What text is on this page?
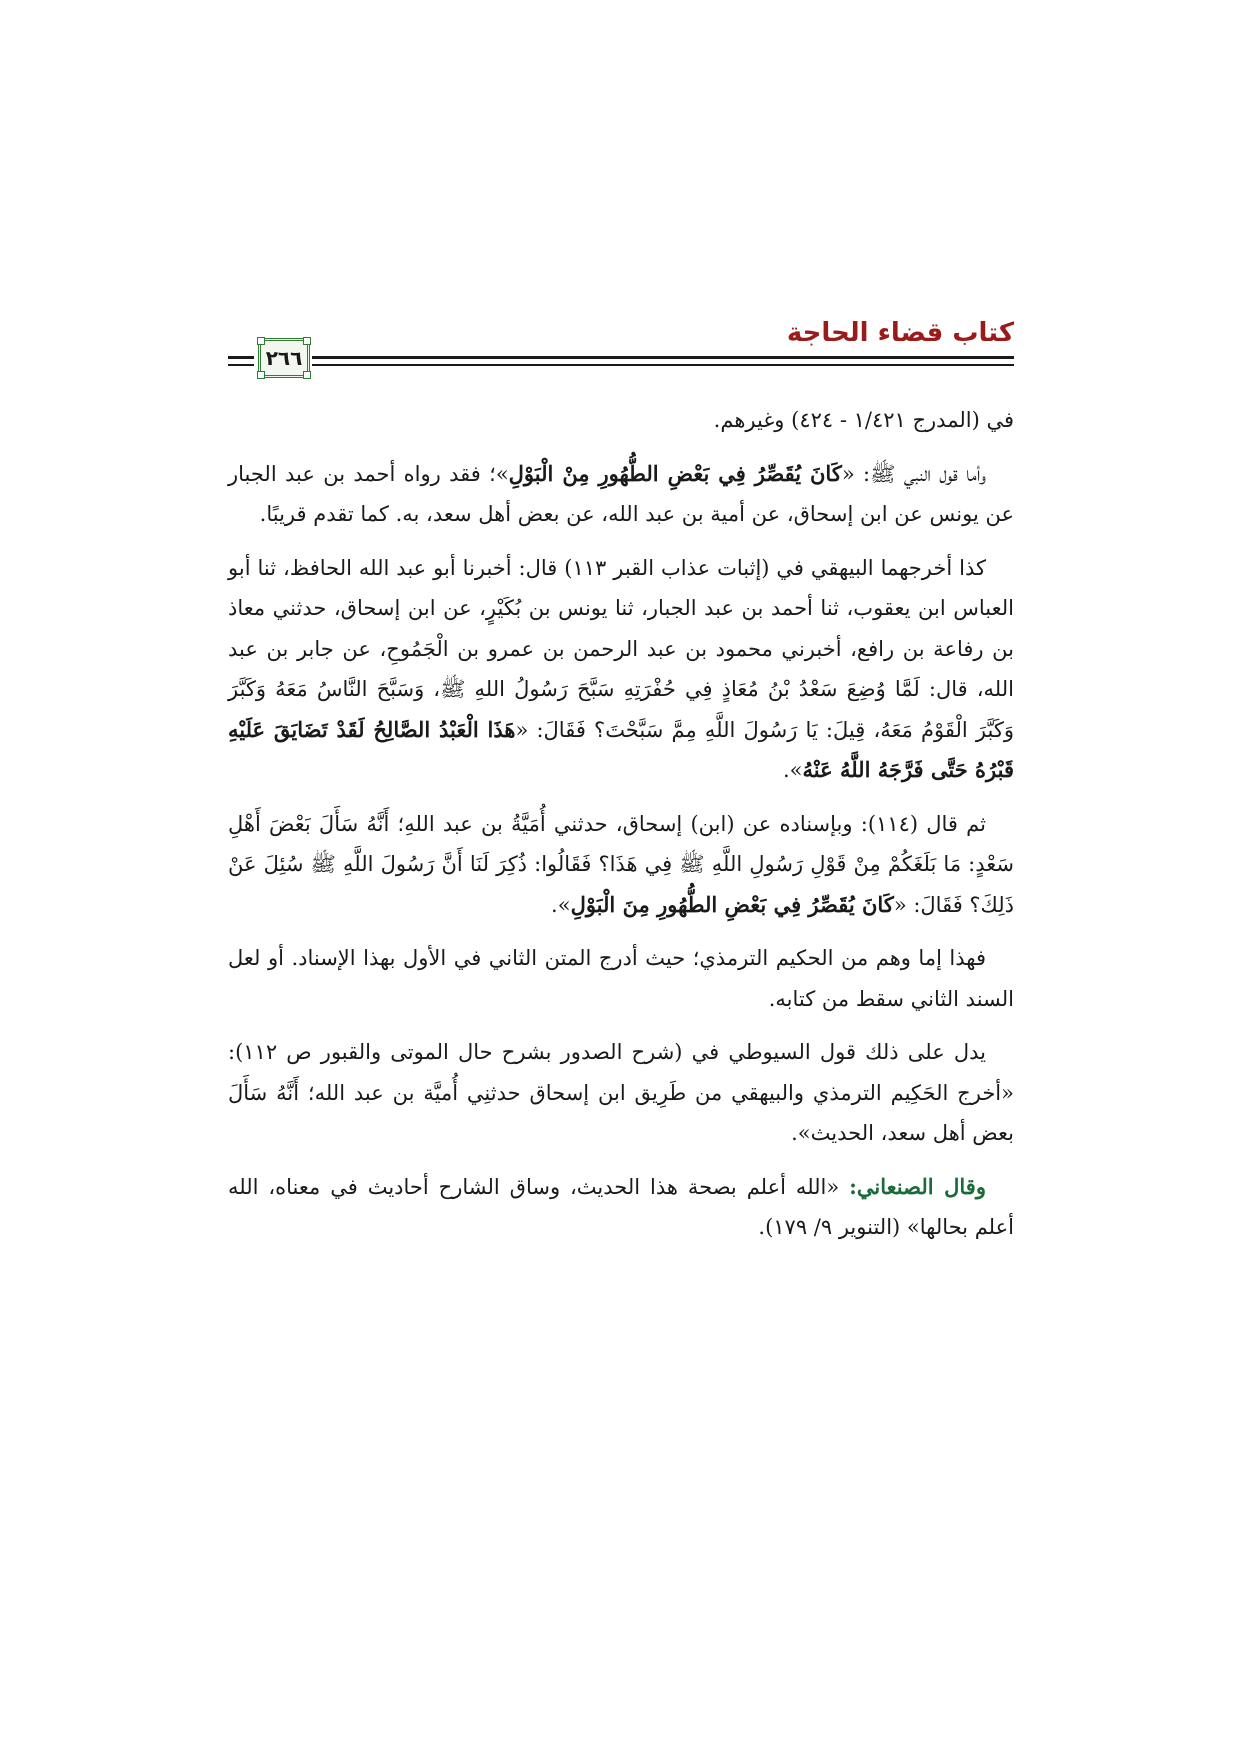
كتاب قضاء الحاجة
٢٦٦

في (المدرج ١/٤٢١ - ٤٢٤) وغيرهم.

وأما قول النبي ﷺ: «كَانَ يُقَصِّرُ فِي بَعْضِ الطُّهُورِ مِنْ الْبَوْلِ»؛ فقد رواه أحمد بن عبد الجبار عن يونس عن ابن إسحاق، عن أمية بن عبد الله، عن بعض أهل سعد، به. كما تقدم قريبًا.

كذا أخرجهما البيهقي في (إثبات عذاب القبر ١١٣) قال: أخبرنا أبو عبد الله الحافظ، ثنا أبو العباس ابن يعقوب، ثنا أحمد بن عبد الجبار، ثنا يونس بن بُكَيْرٍ، عن ابن إسحاق، حدثني معاذ بن رفاعة بن رافع، أخبرني محمود بن عبد الرحمن بن عمرو بن الْجَمُوحِ، عن جابر بن عبد الله، قال: لَمَّا وُضِعَ سَعْدُ بْنُ مُعَاذٍ فِي حُفْرَتِهِ سَبَّحَ رَسُولُ اللهِ ﷺ، وَسَبَّحَ النَّاسُ مَعَهُ وَكَبَّرَ وَكَبَّرَ الْقَوْمُ مَعَهُ، قِيلَ: يَا رَسُولَ اللَّهِ مِمَّ سَبَّحْتَ؟ فَقَالَ: «هَذَا الْعَبْدُ الصَّالِحُ لَقَدْ تَضَايَقَ عَلَيْهِ قَبْرُهُ حَتَّى فَرَّجَهُ اللَّهُ عَنْهُ».

ثم قال (١١٤): وبإسناده عن (ابن) إسحاق، حدثني أُمَيَّةُ بن عبد اللهِ؛ أَنَّهُ سَأَلَ بَعْضَ أَهْلِ سَعْدٍ: مَا بَلَغَكُمْ مِنْ قَوْلِ رَسُولِ اللَّهِ ﷺ فِي هَذَا؟ فَقَالُوا: ذُكِرَ لَنَا أَنَّ رَسُولَ اللَّهِ ﷺ سُئِلَ عَنْ ذَلِكَ؟ فَقَالَ: «كَانَ يُقَصِّرُ فِي بَعْضِ الطُّهُورِ مِنَ الْبَوْلِ».

فهذا إما وهم من الحكيم الترمذي؛ حيث أدرج المتن الثاني في الأول بهذا الإسناد. أو لعل السند الثاني سقط من كتابه.

يدل على ذلك قول السيوطي في (شرح الصدور بشرح حال الموتى والقبور ص ١١٢): «أخرج الحَكِيم الترمذي والبيهقي من طَرِيق ابن إسحاق حدثنِي أُميَّة بن عبد الله؛ أَنَّهُ سَأَلَ بعض أهل سعد، الحديث».

وقال الصنعاني: «الله أعلم بصحة هذا الحديث، وساق الشارح أحاديث في معناه، الله أعلم بحالها» (التنوير ٩/ ١٧٩).
